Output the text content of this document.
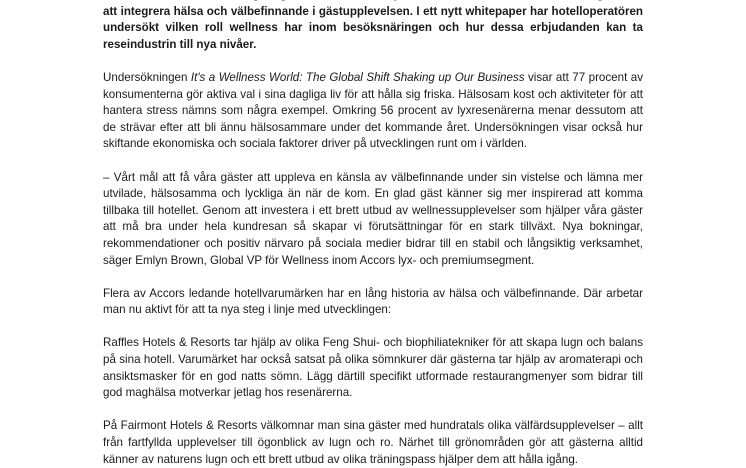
att integrera hälsa och välbefinnande i gästupplevelsen. I ett nytt whitepaper har hotelloperatören undersökt vilken roll wellness har inom besöksnäringen och hur dessa erbjudanden kan ta reseindustrin till nya nivåer.

Undersökningen It's a Wellness World: The Global Shift Shaking up Our Business visar att 77 procent av konsumenterna gör aktiva val i sina dagliga liv för att hålla sig friska. Hälsosam kost och aktiviteter för att hantera stress nämns som några exempel. Omkring 56 procent av lyxresenärerna menar dessutom att de strävar efter att bli ännu hälsosammare under det kommande året. Undersökningen visar också hur skiftande ekonomiska och sociala faktorer driver på utvecklingen runt om i världen.

– Vårt mål att få våra gäster att uppleva en känsla av välbefinnande under sin vistelse och lämna mer utvilade, hälsosamma och lyckliga än när de kom. En glad gäst känner sig mer inspirerad att komma tillbaka till hotellet. Genom att investera i ett brett utbud av wellnessupplevelser som hjälper våra gäster att må bra under hela kundresan så skapar vi förutsättningar för en stark tillväxt. Nya bokningar, rekommendationer och positiv närvaro på sociala medier bidrar till en stabil och långsiktig verksamhet, säger Emlyn Brown, Global VP för Wellness inom Accors lyx- och premiumsegment.

Flera av Accors ledande hotellvarumärken har en lång historia av hälsa och välbefinnande. Där arbetar man nu aktivt för att ta nya steg i linje med utvecklingen:

Raffles Hotels & Resorts tar hjälp av olika Feng Shui- och biophiliatekniker för att skapa lugn och balans på sina hotell. Varumärket har också satsat på olika sömnkurer där gästerna tar hjälp av aromaterapi och ansiktsmasker för en god natts sömn. Lägg därtill specifikt utformade restaurangmenyer som bidrar till god maghälsa motverkar jetlag hos resenärerna.

På Fairmont Hotels & Resorts välkomnar man sina gäster med hundratals olika välfärdsupplevelser – allt från fartfyllda upplevelser till ögonblick av lugn och ro. Närhet till grönområden gör att gästerna alltid känner av naturens lugn och ett brett utbud av olika träningspass hjälper dem att hålla igång.
